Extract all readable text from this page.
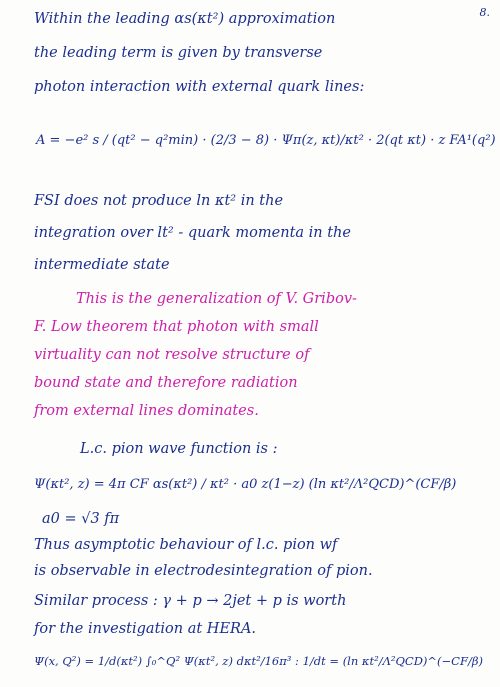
8.
Within the leading αs(κt²) approximation
the leading term is given by transverse
photon interaction with external quark lines:
A = −e² s / (qt² − q²min) · (2/3 − 8) · Ψπ(z, κt)/κt² · 2(qt κt) · z FA¹(q²)
FSI does not produce ln κt² in the
integration over lt² - quark momenta in the
intermediate state
This is the generalization of V. Gribov-
F. Low theorem that photon with small
virtuality can not resolve structure of
bound state and therefore radiation
from external lines dominates.
L.c. pion wave function is :
Ψ(κt², z) = 4π CF αs(κt²) / κt² · a0 z(1−z) (ln κt²/Λ²QCD)^(CF/β)
a0 = √3 fπ
Thus asymptotic behaviour of l.c. pion wf
is observable in electrodesintegration of pion.
Similar process : γ + p → 2jet + p is worth
for the investigation at HERA.
Ψ(x, Q²) = 1/d(κt²) ∫₀^Q² Ψ(κt², z) dκt²/16π³ : 1/dt = (ln κt²/Λ²QCD)^(−CF/β)
